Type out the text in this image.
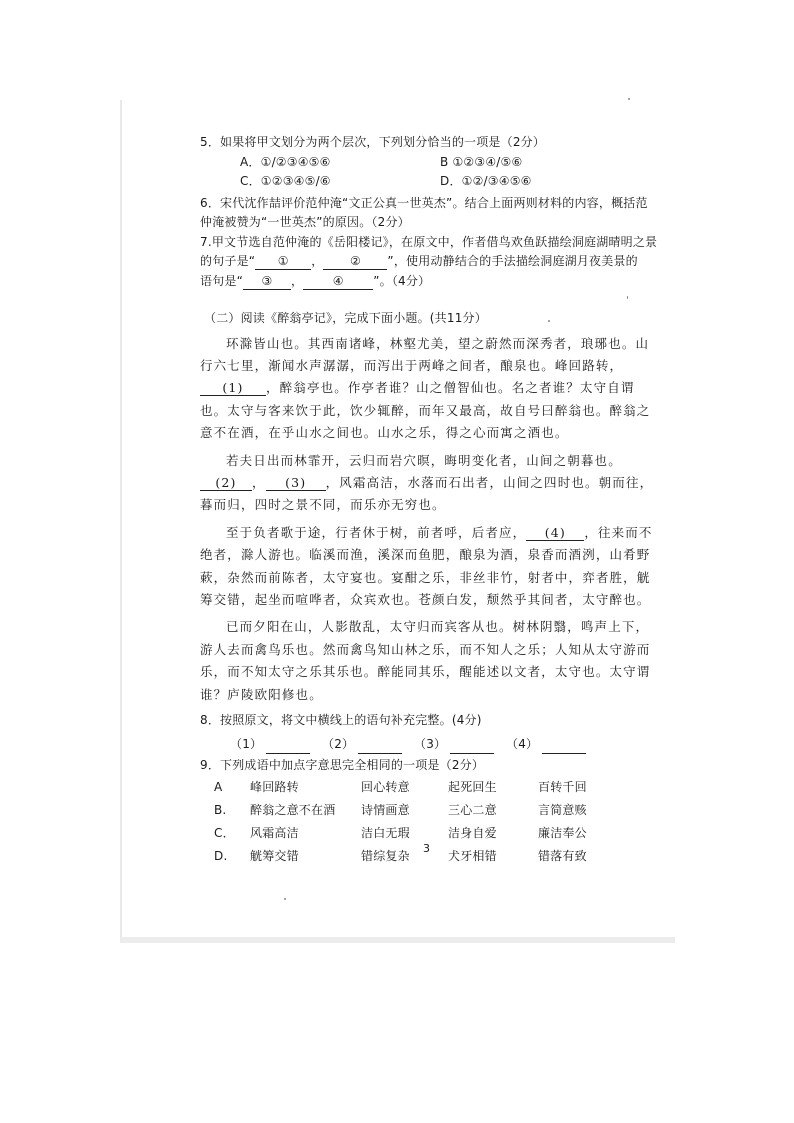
5．如果将甲文划分为两个层次，下列划分恰当的一项是（2分）

A．①/②③④⑤⑥	B ①②③④/⑤⑥
C．①②③④⑤/⑥	D．①②/③④⑤⑥

6．宋代沈作喆评价范仲淹“文正公真一世英杰”。结合上面两则材料的内容，概括范

仲淹被赞为“一世英杰”的原因。（2分）

7.甲文节选自范仲淹的《岳阳楼记》，在原文中，作者借鸟欢鱼跃描绘洞庭湖晴明之景

的句子是“ ① ， ② ”，使用动静结合的手法描绘洞庭湖月夜美景的

语句是“ ③ ， ④ ”。（4分）

（二）阅读《醉翁亭记》，完成下面小题。(共11分）

环滁皆山也。其西南诸峰，林壑尤美，望之蔚然而深秀者，琅琊也。山行六七里，渐闻水声潺潺，而泻出于两峰之间者，酿泉也。峰回路转，(1) ，醉翁亭也。作亭者谁？山之僧智仙也。名之者谁？太守自谓也。太守与客来饮于此，饮少辄醉，而年又最高，故自号曰醉翁也。醉翁之意不在酒，在乎山水之间也。山水之乐，得之心而寓之酒也。

若夫日出而林霏开，云归而岩穴暝，晦明变化者，山间之朝暮也。(2) ， (3) ，风霜高洁，水落而石出者，山间之四时也。朝而往，暮而归，四时之景不同，而乐亦无穷也。

至于负者歌于途，行者休于树，前者呼，后者应， (4) ，往来而不绝者，滁人游也。临溪而渔，溪深而鱼肥，酿泉为酒，泉香而酒洌，山肴野蔌，杂然而前陈者，太守宴也。宴酣之乐，非丝非竹，射者中，弈者胜，觥筹交错，起坐而喧哗者，众宾欢也。苍颜白发，颓然乎其间者，太守醉也。

已而夕阳在山，人影散乱，太守归而宾客从也。树林阴翳，鸣声上下，游人去而禽鸟乐也。然而禽鸟知山林之乐，而不知人之乐；人知从太守游而乐，而不知太守之乐其乐也。醉能同其乐，醒能述以文者，太守也。太守谓谁？庐陵欧阳修也。

8．按照原文，将文中横线上的语句补充完整。(4分)

（1）	（2）	（3）	（4）

9．下列成语中加点字意思完全相同的一项是（2分）

A	峰回路转	回心转意	起死回生	百转千回
B.	醉翁之意不在酒	诗情画意	三心二意	言简意赅
C．	风霜高洁	洁白无瑕	洁身自爱	廉洁奉公
D.	觥筹交错	错综复杂	犬牙相错	错落有致
3
